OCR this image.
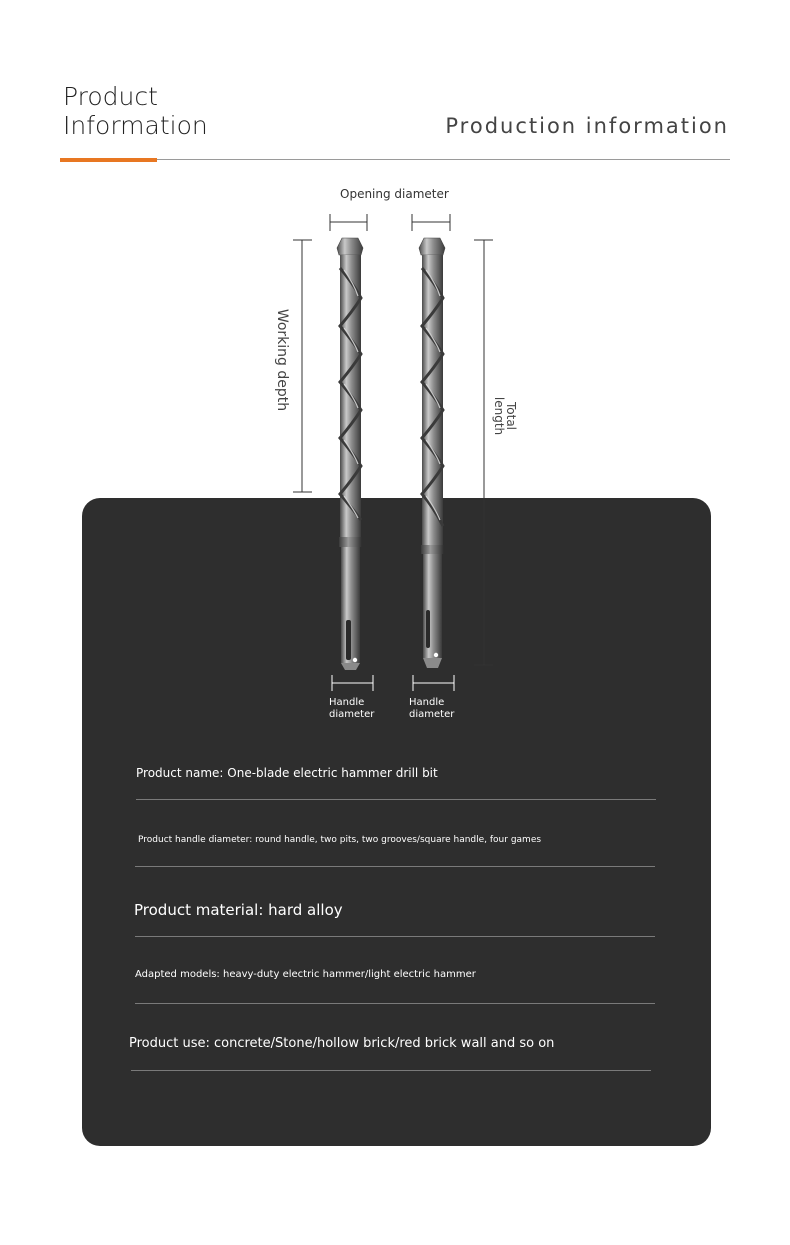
Product
Information	Production information
Opening diameter
Working depth
Total
length
Handle
diameter
Handle
diameter
Product name: One-blade electric hammer drill bit
Product handle diameter: round handle, two pits, two grooves/square handle, four games
Product material: hard alloy
Adapted models: heavy-duty electric hammer/light electric hammer
Product use: concrete/Stone/hollow brick/red brick wall and so on
